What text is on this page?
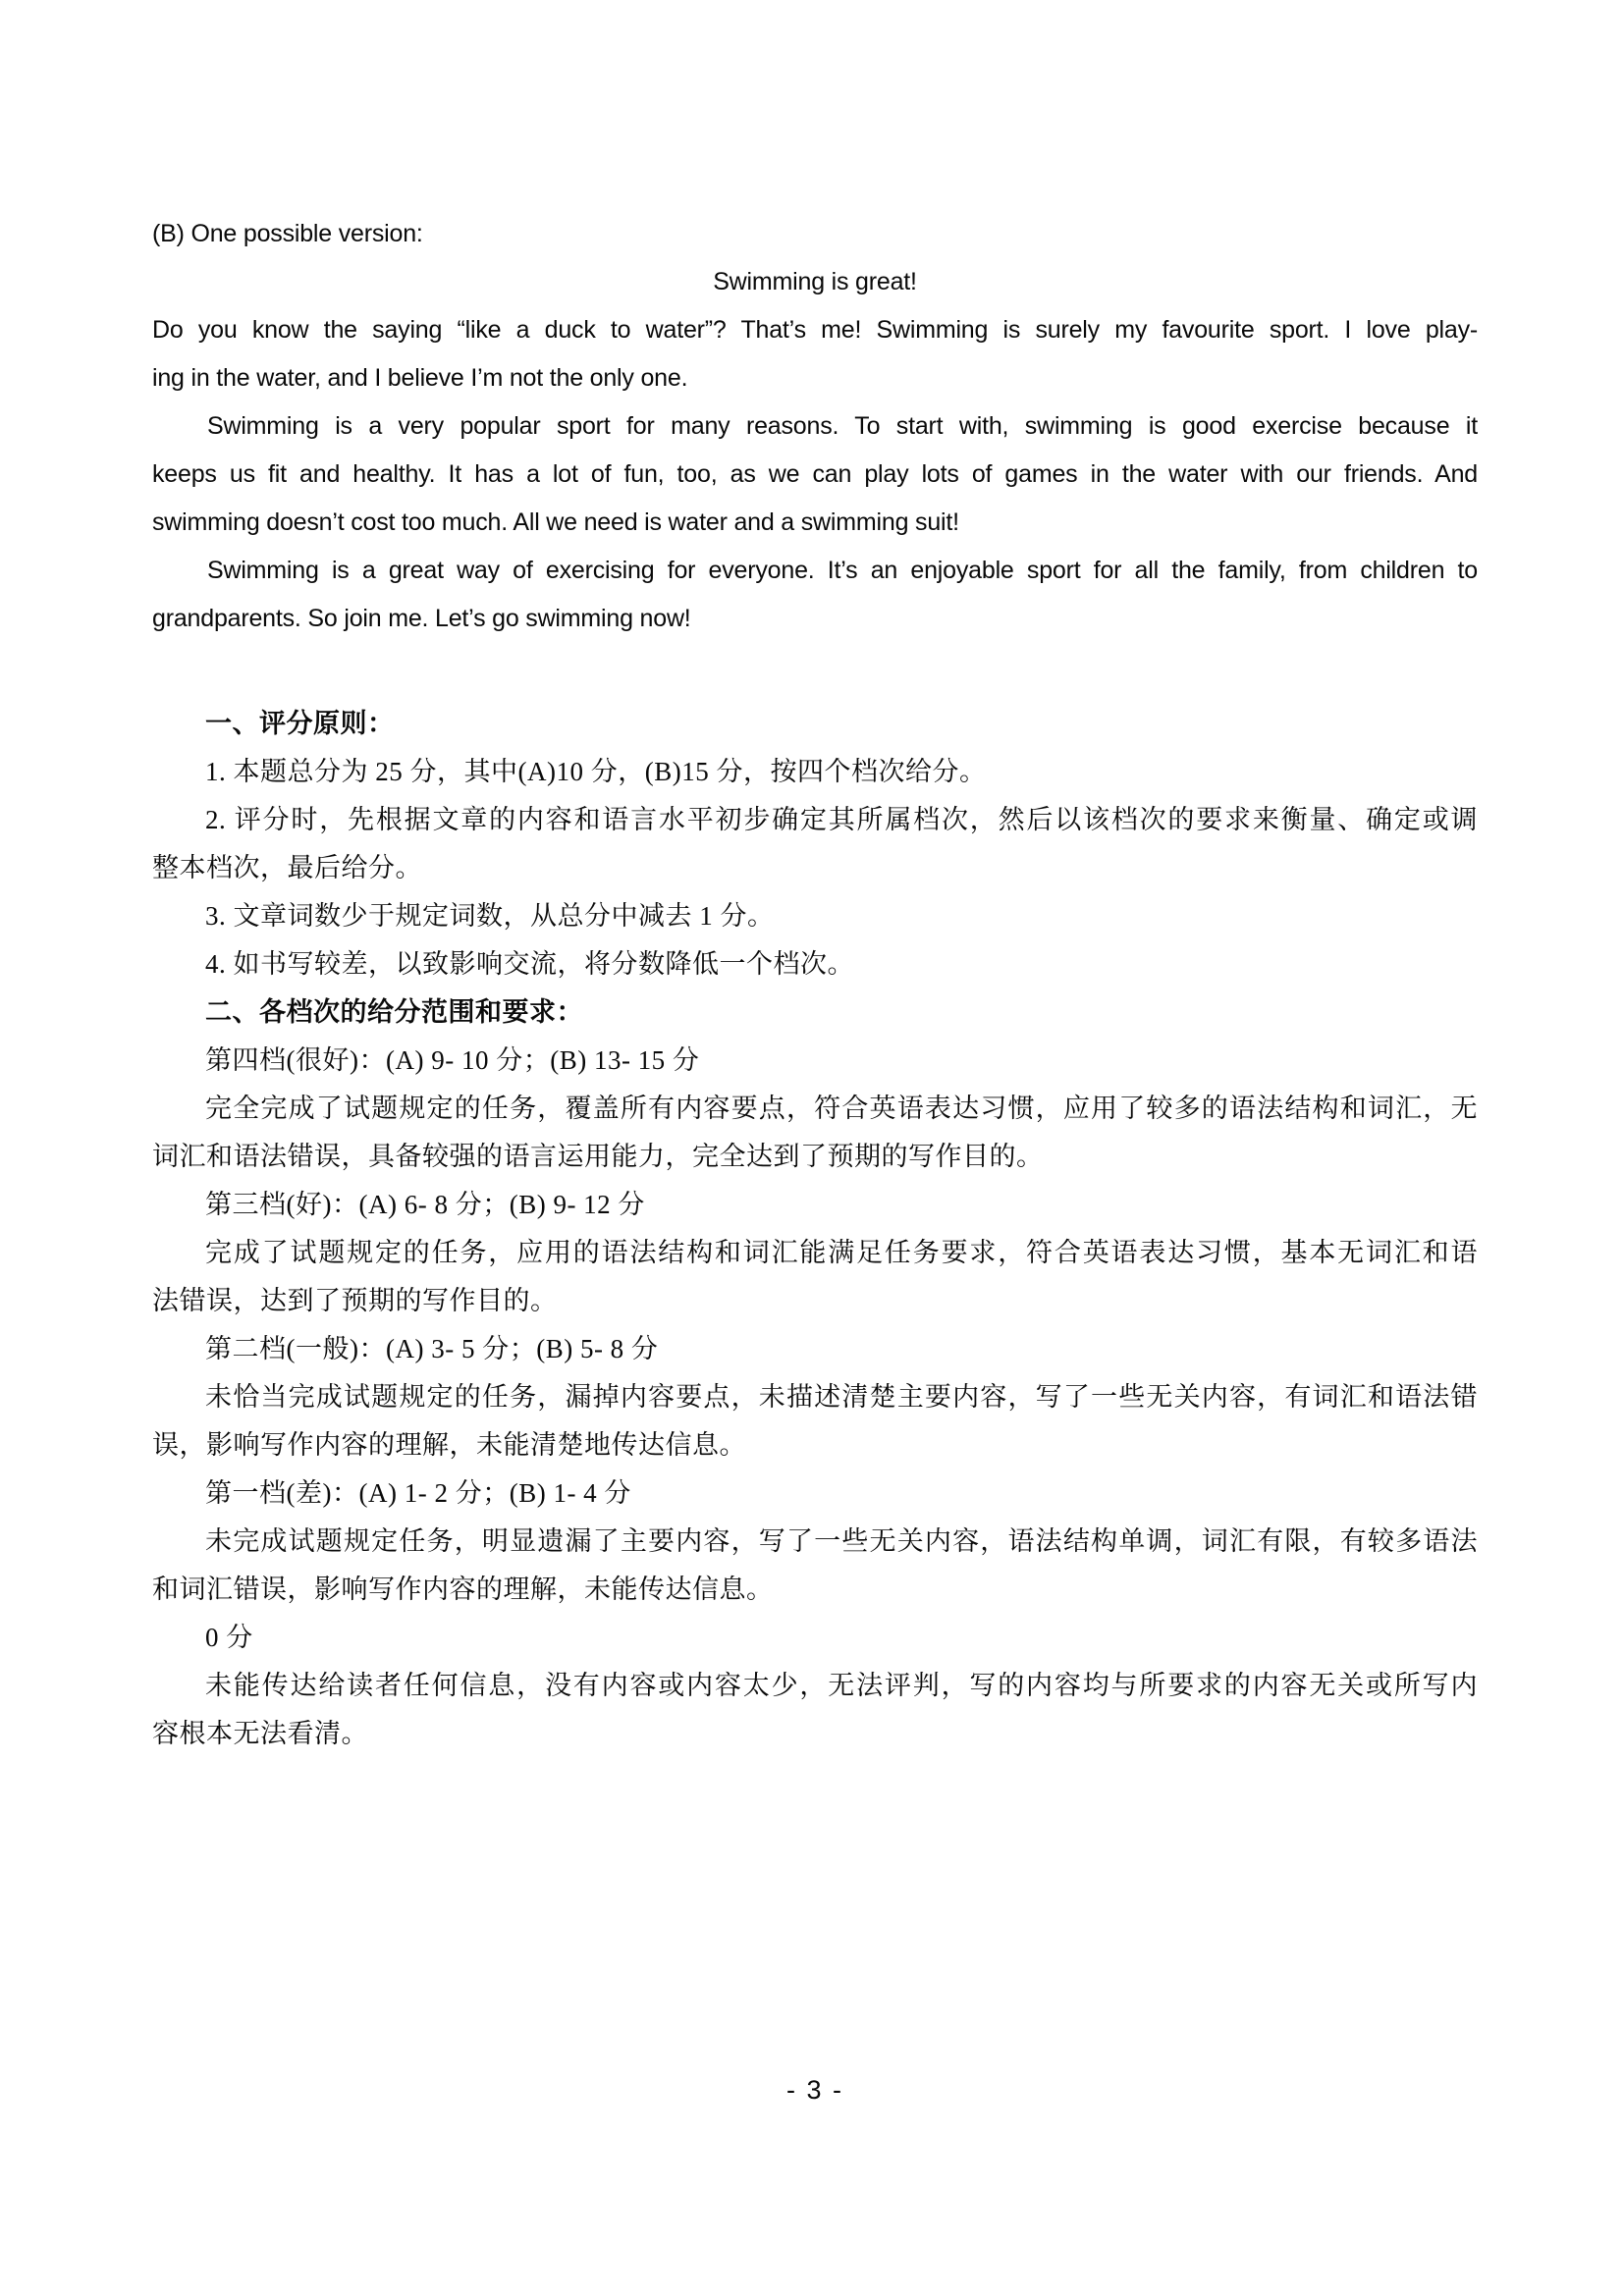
(B) One possible version:
Swimming is great!
Do you know the saying “like a duck to water”? That’s me! Swimming is surely my favourite sport. I love play-
ing in the water, and I believe I’m not the only one.
Swimming is a very popular sport for many reasons. To start with, swimming is good exercise because it
keeps us fit and healthy. It has a lot of fun, too, as we can play lots of games in the water with our friends. And
swimming doesn’t cost too much. All we need is water and a swimming suit!
Swimming is a great way of exercising for everyone. It’s an enjoyable sport for all the family, from children to
grandparents. So join me. Let’s go swimming now!
一、评分原则：
1. 本题总分为 25 分，其中(A)10 分，(B)15 分，按四个档次给分。
2. 评分时，先根据文章的内容和语言水平初步确定其所属档次，然后以该档次的要求来衡量、确定或调
整本档次，最后给分。
3. 文章词数少于规定词数，从总分中减去 1 分。
4. 如书写较差，以致影响交流，将分数降低一个档次。
二、各档次的给分范围和要求：
第四档(很好)：(A) 9- 10 分；(B) 13- 15 分
完全完成了试题规定的任务，覆盖所有内容要点，符合英语表达习惯，应用了较多的语法结构和词汇，无
词汇和语法错误，具备较强的语言运用能力，完全达到了预期的写作目的。
第三档(好)：(A) 6- 8 分；(B) 9- 12 分
完成了试题规定的任务，应用的语法结构和词汇能满足任务要求，符合英语表达习惯，基本无词汇和语
法错误，达到了预期的写作目的。
第二档(一般)：(A) 3- 5 分；(B) 5- 8 分
未恰当完成试题规定的任务，漏掉内容要点，未描述清楚主要内容，写了一些无关内容，有词汇和语法错
误，影响写作内容的理解，未能清楚地传达信息。
第一档(差)：(A) 1- 2 分；(B) 1- 4 分
未完成试题规定任务，明显遗漏了主要内容，写了一些无关内容，语法结构单调，词汇有限，有较多语法
和词汇错误，影响写作内容的理解，未能传达信息。
0 分
未能传达给读者任何信息，没有内容或内容太少，无法评判，写的内容均与所要求的内容无关或所写内
容根本无法看清。
- 3 -
